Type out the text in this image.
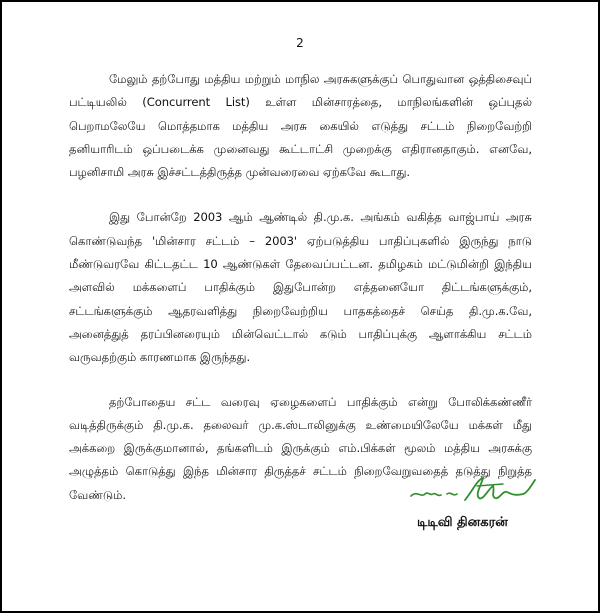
2

மேலும் தற்போது மத்திய மற்றும் மாநில அரசுகளுக்குப் பொதுவான ஒத்திசைவுப் பட்டியலில் (Concurrent List) உள்ள மின்சாரத்தை, மாநிலங்களின் ஒப்புதல் பெறாமலேயே மொத்தமாக மத்திய அரசு கையில் எடுத்து சட்டம் நிறைவேற்றி தனியாரிடம் ஒப்படைக்க முனைவது கூட்டாட்சி முறைக்கு எதிரானதாகும். எனவே, பழனிசாமி அரசு இச்சட்டத்திருத்த முன்வரைவை ஏற்கவே கூடாது.

இது போன்றே 2003 ஆம் ஆண்டில் தி.மு.க. அங்கம் வகித்த வாஜ்பாய் அரசு கொண்டுவந்த 'மின்சார சட்டம் – 2003' ஏற்படுத்திய பாதிப்புகளில் இருந்து நாடு மீண்டுவரவே கிட்டதட்ட 10 ஆண்டுகள் தேவைப்பட்டன. தமிழகம் மட்டுமின்றி இந்திய அளவில் மக்களைப் பாதிக்கும் இதுபோன்ற எத்தனையோ திட்டங்களுக்கும், சட்டங்களுக்கும் ஆதரவளித்து நிறைவேற்றிய பாதகத்தைச் செய்த தி.மு.க.வே, அனைத்துத் தரப்பினரையும் மின்வெட்டால் கடும் பாதிப்புக்கு ஆளாக்கிய சட்டம் வருவதற்கும் காரணமாக இருந்தது.

தற்போதைய சட்ட வரைவு ஏழைகளைப் பாதிக்கும் என்று போலிக்கண்ணீர் வடித்திருக்கும் தி.மு.க. தலைவர் மு.க.ஸ்டாலினுக்கு உண்மையிலேயே மக்கள் மீது அக்கறை இருக்குமானால், தங்களிடம் இருக்கும் எம்.பிக்கள் மூலம் மத்திய அரசுக்கு அழுத்தம் கொடுத்து இந்த மின்சார திருத்தச் சட்டம் நிறைவேறுவதைத் தடுத்து நிறுத்த வேண்டும்.

டிடிவி தினகரன்
